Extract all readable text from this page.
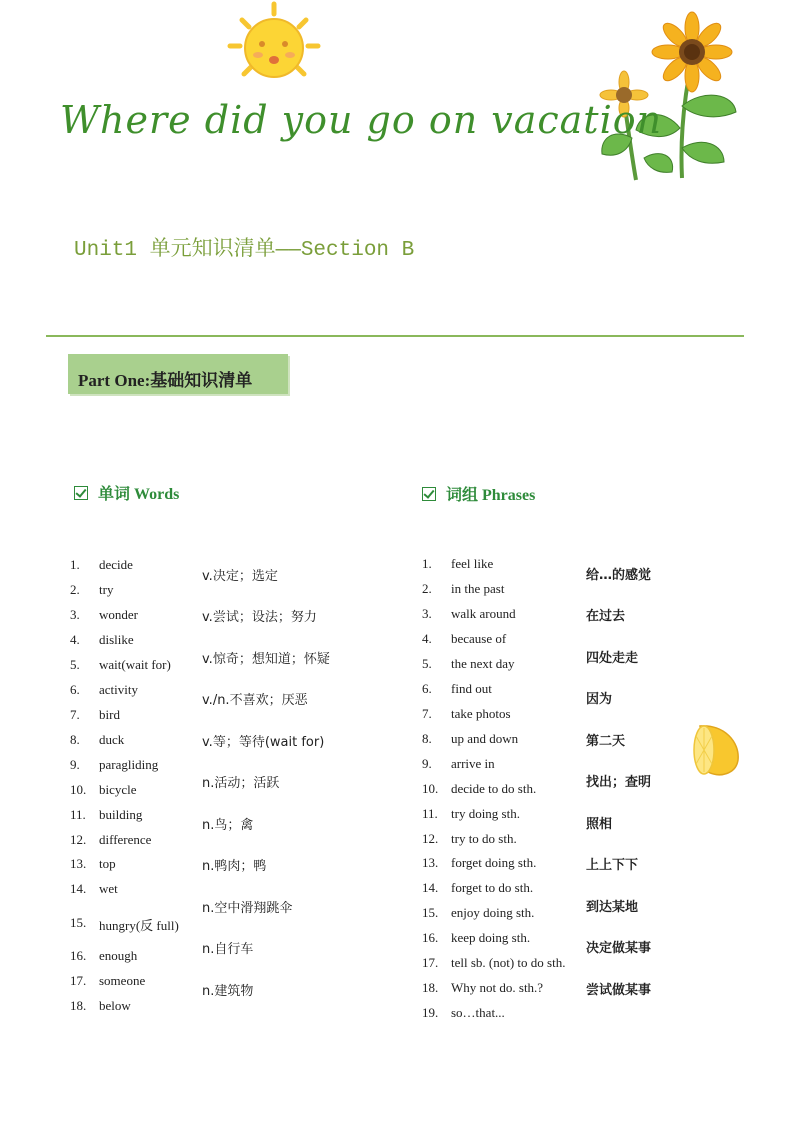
Where did you go on vacation
Unit1 单元知识清单——Section B
Part One:基础知识清单
单词 Words	词组 Phrases
1. decide
2. try
3. wonder
4. dislike
5. wait(wait for)
6. activity
7. bird
8. duck
9. paragliding
10. bicycle
11. building
12. difference
13. top
14. wet
15. hungry(反 full)
16. enough
17. someone
18. below
v.决定；选定
v.尝试；设法；努力
v.惊奇；想知道；怀疑
v./n.不喜欢；厌恶
v.等；等待(wait for)
n.活动；活跃
n.鸟；禽
n.鸭肉；鸭
n.空中滑翔跳伞
n.自行车
n.建筑物
1. feel like
2. in the past
3. walk around
4. because of
5. the next day
6. find out
7. take photos
8. up and down
9. arrive in
10. decide to do sth.
11. try doing sth.
12. try to do sth.
13. forget doing sth.
14. forget to do sth.
15. enjoy doing sth.
16. keep doing sth.
17. tell sb. (not) to do sth.
18. Why not do. sth.?
19. so…that...
给…的感觉
在过去
四处走走
因为
第二天
找出；查明
照相
上上下下
到达某地
决定做某事
尝试做某事
